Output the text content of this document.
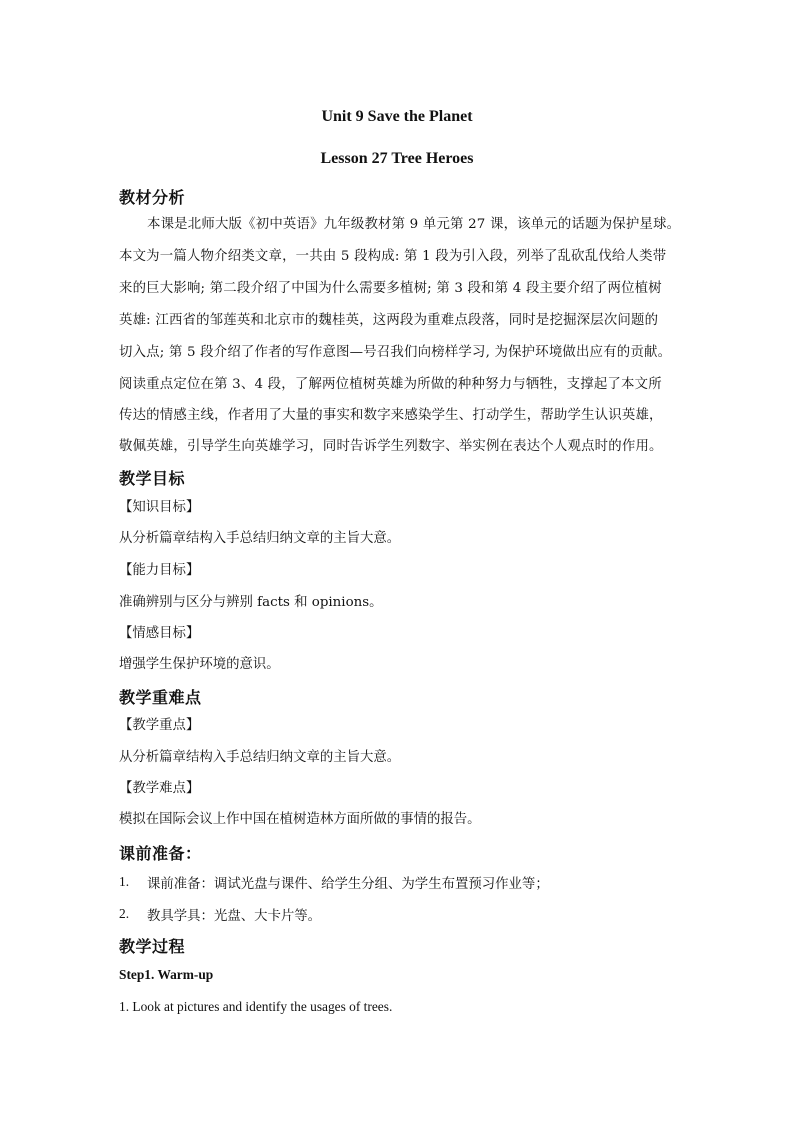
Unit 9 Save the Planet
Lesson 27 Tree Heroes
教材分析
本课是北师大版《初中英语》九年级教材第 9 单元第 27 课，该单元的话题为保护星球。
本文为一篇人物介绍类文章，一共由 5 段构成: 第 1 段为引入段，列举了乱砍乱伐给人类带
来的巨大影响; 第二段介绍了中国为什么需要多植树; 第 3 段和第 4 段主要介绍了两位植树
英雄: 江西省的邹莲英和北京市的魏桂英，这两段为重难点段落，同时是挖掘深层次问题的
切入点; 第 5 段介绍了作者的写作意图—号召我们向榜样学习, 为保护环境做出应有的贡献。
阅读重点定位在第 3、4 段，了解两位植树英雄为所做的种种努力与牺牲，支撑起了本文所
传达的情感主线，作者用了大量的事实和数字来感染学生、打动学生，帮助学生认识英雄，
敬佩英雄，引导学生向英雄学习，同时告诉学生列数字、举实例在表达个人观点时的作用。
教学目标
【知识目标】
从分析篇章结构入手总结归纳文章的主旨大意。
【能力目标】
准确辨别与区分与辨别 facts 和 opinions。
【情感目标】
增强学生保护环境的意识。
教学重难点
【教学重点】
从分析篇章结构入手总结归纳文章的主旨大意。
【教学难点】
模拟在国际会议上作中国在植树造林方面所做的事情的报告。
课前准备：
1. 课前准备：调试光盘与课件、给学生分组、为学生布置预习作业等；
2. 教具学具：光盘、大卡片等。
教学过程
Step1. Warm-up
1. Look at pictures and identify the usages of trees.
